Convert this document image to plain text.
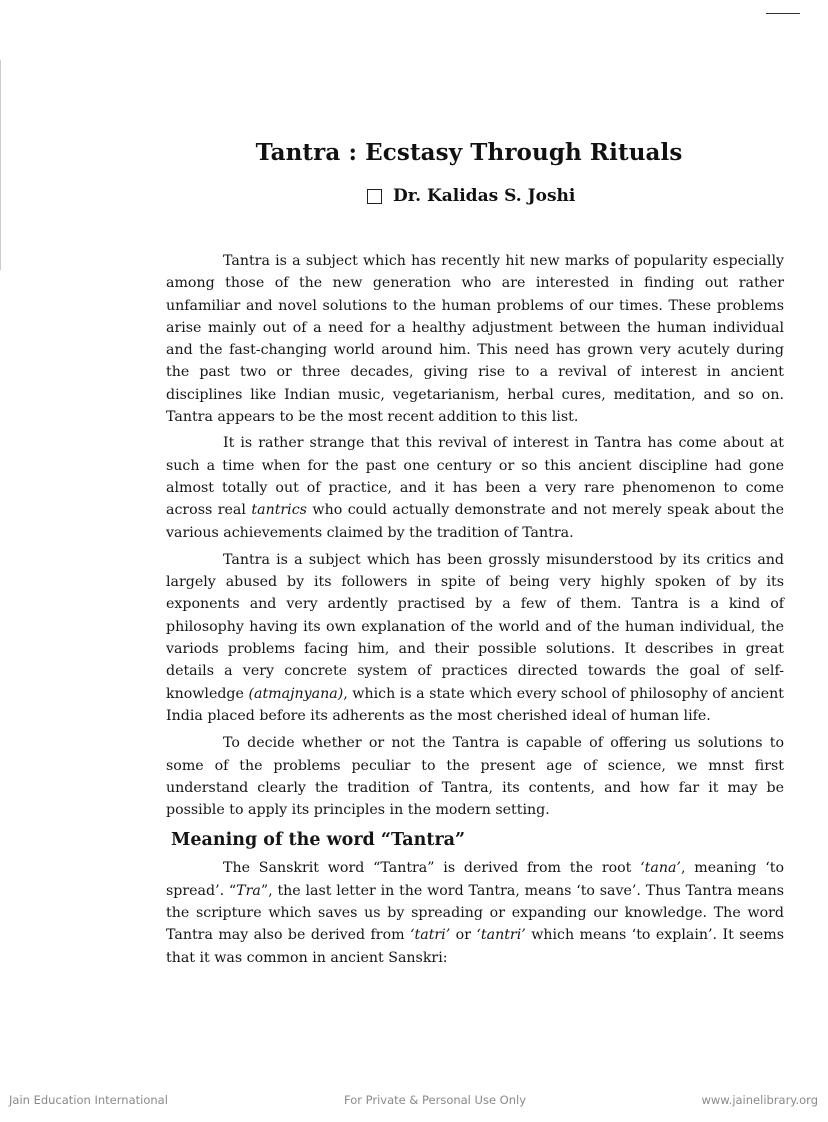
Tantra : Ecstasy Through Rituals
Dr. Kalidas S. Joshi

Tantra is a subject which has recently hit new marks of popularity especially among those of the new generation who are interested in finding out rather unfamiliar and novel solutions to the human problems of our times. These problems arise mainly out of a need for a healthy adjustment between the human individual and the fast-changing world around him. This need has grown very acutely during the past two or three decades, giving rise to a revival of interest in ancient disciplines like Indian music, vegetarianism, herbal cures, meditation, and so on. Tantra appears to be the most recent addition to this list.

It is rather strange that this revival of interest in Tantra has come about at such a time when for the past one century or so this ancient discipline had gone almost totally out of practice, and it has been a very rare phenomenon to come across real tantrics who could actually demonstrate and not merely speak about the various achievements claimed by the tradition of Tantra.

Tantra is a subject which has been grossly misunderstood by its critics and largely abused by its followers in spite of being very highly spoken of by its exponents and very ardently practised by a few of them. Tantra is a kind of philosophy having its own explanation of the world and of the human individual, the variods problems facing him, and their possible solutions. It describes in great details a very concrete system of practices directed towards the goal of self-knowledge (atmajnyana), which is a state which every school of philosophy of ancient India placed before its adherents as the most cherished ideal of human life.

To decide whether or not the Tantra is capable of offering us solutions to some of the problems peculiar to the present age of science, we mnst first understand clearly the tradition of Tantra, its contents, and how far it may be possible to apply its principles in the modern setting.

Meaning of the word “Tantra”

The Sanskrit word “Tantra” is derived from the root ‘tana’, meaning ‘to spread’. “Tra”, the last letter in the word Tantra, means ‘to save’. Thus Tantra means the scripture which saves us by spreading or expanding our knowledge. The word Tantra may also be derived from ‘tatri’ or ‘tantri’ which means ‘to explain’. It seems that it was common in ancient Sanskri:

Jain Education International	For Private & Personal Use Only	www.jainelibrary.org
